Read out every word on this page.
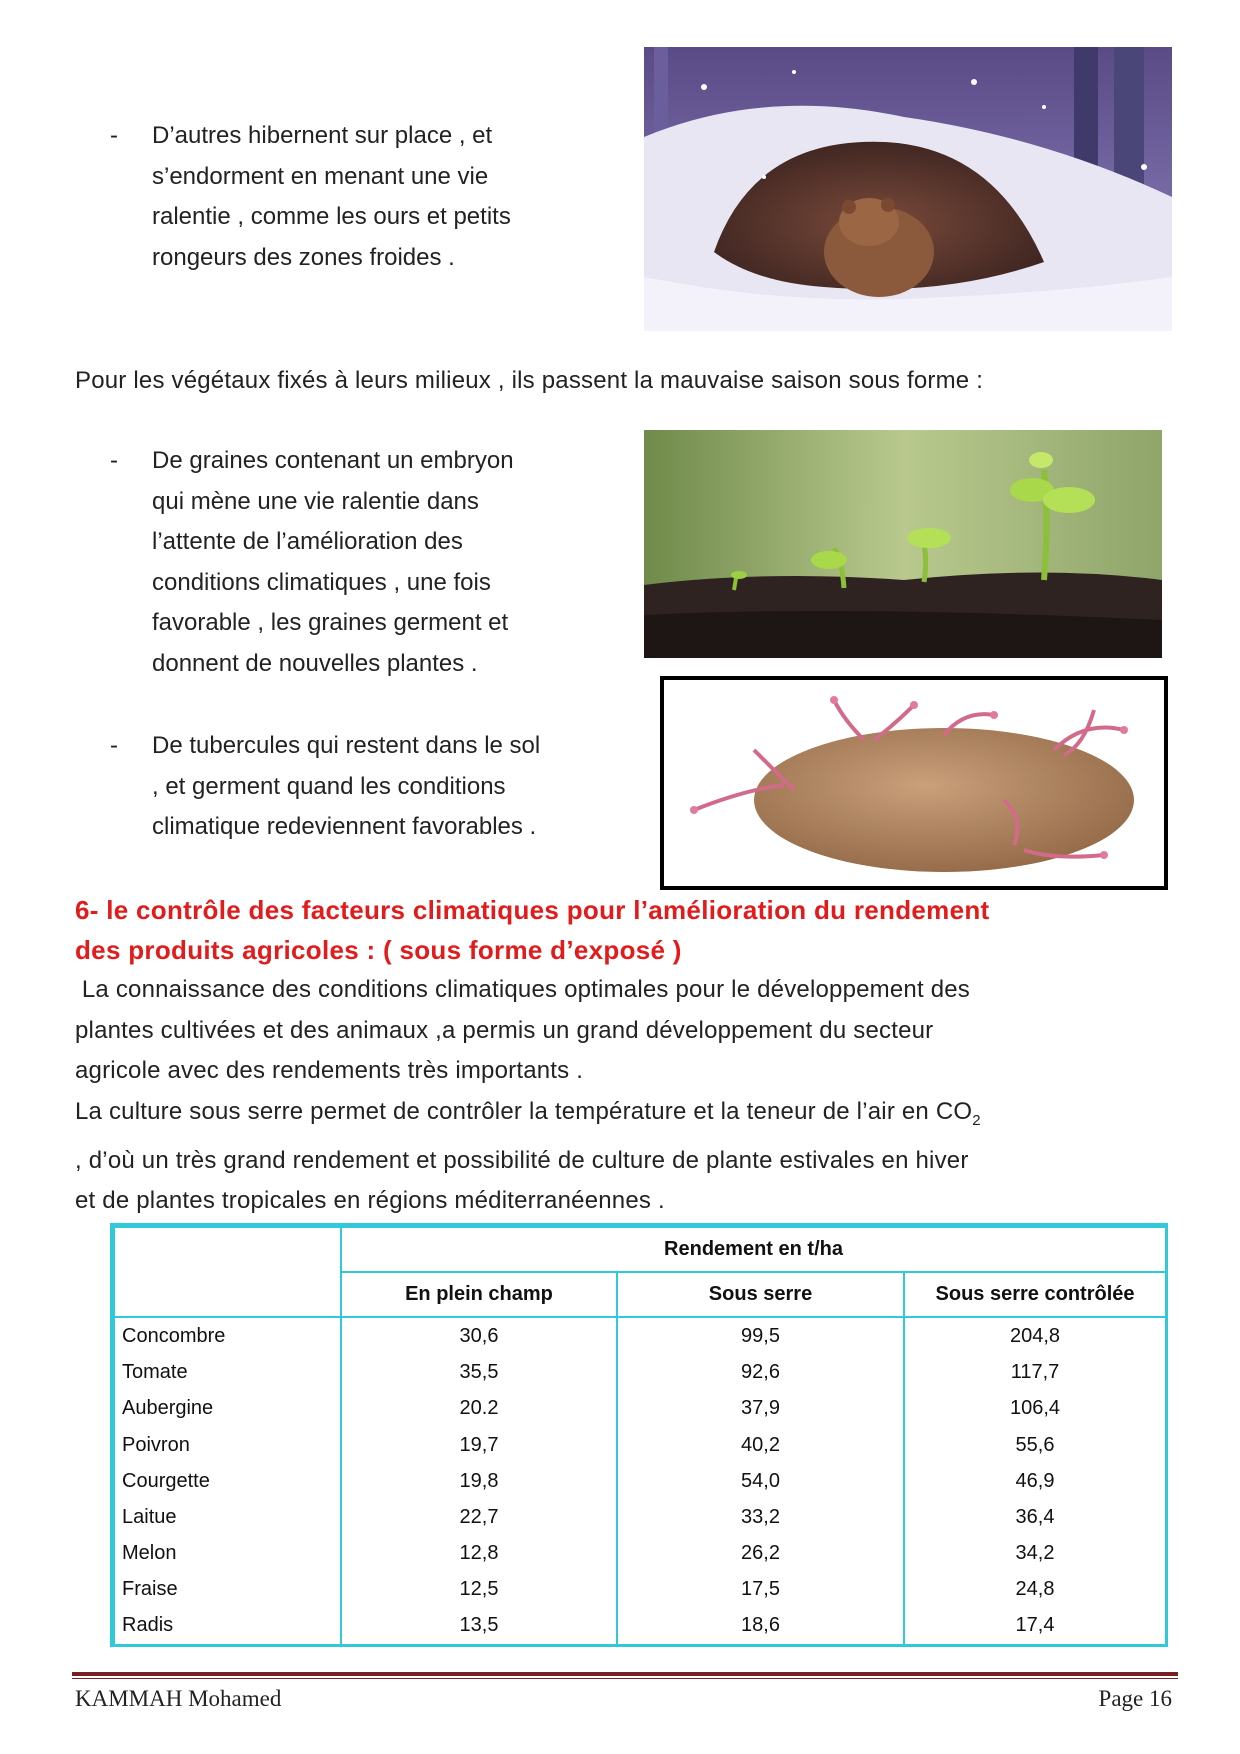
-	D’autres hibernent sur place , et
s’endorment en menant une vie
ralentie , comme les ours et petits
rongeurs des zones froides .
Pour les végétaux fixés à leurs milieux , ils passent la mauvaise saison sous forme :
-	De graines contenant un embryon
qui mène une vie ralentie dans
l’attente de l’amélioration des
conditions climatiques , une fois
favorable , les graines germent et
donnent de nouvelles plantes .
-	De tubercules qui restent dans le sol
, et germent quand les conditions
climatique redeviennent favorables .
6- le contrôle des facteurs climatiques pour l’amélioration du rendement
des produits agricoles : ( sous forme d’exposé )
La connaissance des conditions climatiques optimales pour le développement des
plantes cultivées et des animaux ,a permis un grand développement du secteur
agricole avec des rendements très importants .
La culture sous serre permet de contrôler la température et la teneur de l’air en $CO_2$
, d’où un très grand rendement et possibilité de culture de plante estivales en hiver
et de plantes tropicales en régions méditerranéennes .
	Rendement en t/ha		
	En plein champ	Sous serre	Sous serre contrôlée
Concombre	30,6	99,5	204,8
Tomate	35,5	92,6	117,7
Aubergine	20.2	37,9	106,4
Poivron	19,7	40,2	55,6
Courgette	19,8	54,0	46,9
Laitue	22,7	33,2	36,4
Melon	12,8	26,2	34,2
Fraise	12,5	17,5	24,8
Radis	13,5	18,6	17,4
KAMMAH Mohamed	Page 16
